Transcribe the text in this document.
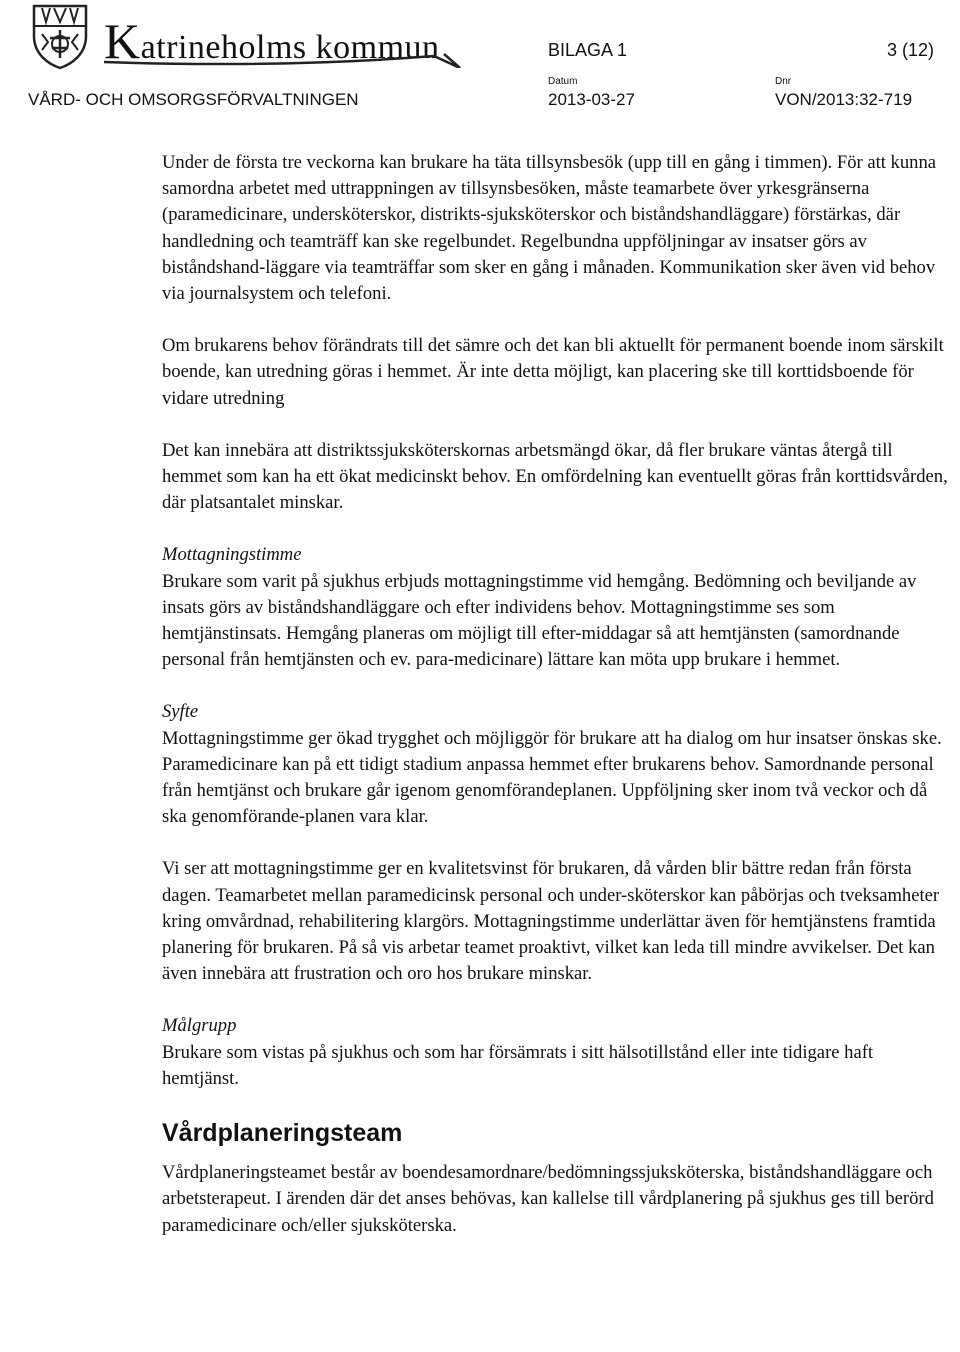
Katrineholms kommun	BILAGA 1	3 (12)
VÅRD- OCH OMSORGSFÖRVALTNINGEN
Datum
2013-03-27
Dnr
VON/2013:32-719

Under de första tre veckorna kan brukare ha täta tillsynsbesök (upp till en gång i timmen). För att kunna samordna arbetet med uttrappningen av tillsynsbesöken, måste teamarbete över yrkesgränserna (paramedicinare, undersköterskor, distrikts-sjuksköterskor och biståndshandläggare) förstärkas, där handledning och teamträff kan ske regelbundet. Regelbundna uppföljningar av insatser görs av biståndshand-läggare via teamträffar som sker en gång i månaden. Kommunikation sker även vid behov via journalsystem och telefoni.

Om brukarens behov förändrats till det sämre och det kan bli aktuellt för permanent boende inom särskilt boende, kan utredning göras i hemmet. Är inte detta möjligt, kan placering ske till korttidsboende för vidare utredning

Det kan innebära att distriktssjuksköterskornas arbetsmängd ökar, då fler brukare väntas återgå till hemmet som kan ha ett ökat medicinskt behov. En omfördelning kan eventuellt göras från korttidsvården, där platsantalet minskar.

Mottagningstimme

Brukare som varit på sjukhus erbjuds mottagningstimme vid hemgång. Bedömning och beviljande av insats görs av biståndshandläggare och efter individens behov. Mottagningstimme ses som hemtjänstinsats. Hemgång planeras om möjligt till efter-middagar så att hemtjänsten (samordnande personal från hemtjänsten och ev. para-medicinare) lättare kan möta upp brukare i hemmet.

Syfte

Mottagningstimme ger ökad trygghet och möjliggör för brukare att ha dialog om hur insatser önskas ske. Paramedicinare kan på ett tidigt stadium anpassa hemmet efter brukarens behov. Samordnande personal från hemtjänst och brukare går igenom genomförandeplanen. Uppföljning sker inom två veckor och då ska genomförande-planen vara klar.

Vi ser att mottagningstimme ger en kvalitetsvinst för brukaren, då vården blir bättre redan från första dagen. Teamarbetet mellan paramedicinsk personal och under-sköterskor kan påbörjas och tveksamheter kring omvårdnad, rehabilitering klargörs. Mottagningstimme underlättar även för hemtjänstens framtida planering för brukaren. På så vis arbetar teamet proaktivt, vilket kan leda till mindre avvikelser. Det kan även innebära att frustration och oro hos brukare minskar.

Målgrupp

Brukare som vistas på sjukhus och som har försämrats i sitt hälsotillstånd eller inte tidigare haft hemtjänst.

Vårdplaneringsteam

Vårdplaneringsteamet består av boendesamordnare/bedömningssjuksköterska, biståndshandläggare och arbetsterapeut. I ärenden där det anses behövas, kan kallelse till vårdplanering på sjukhus ges till berörd paramedicinare och/eller sjuksköterska.
